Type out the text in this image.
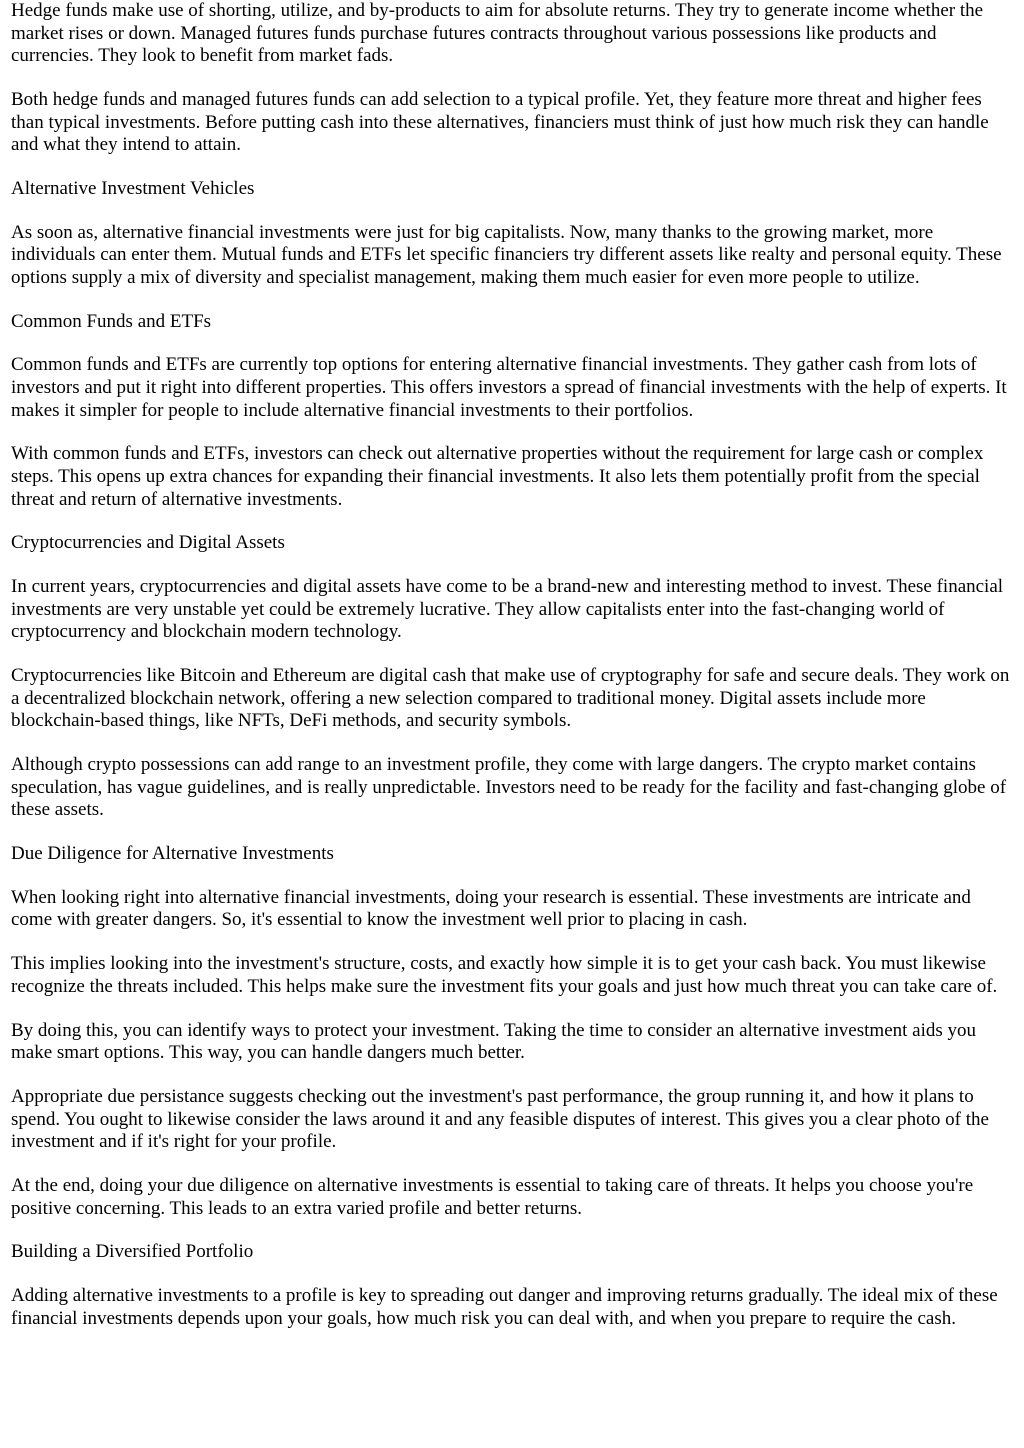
Hedge funds make use of shorting, utilize, and by-products to aim for absolute returns. They try to generate income whether the market rises or down. Managed futures funds purchase futures contracts throughout various possessions like products and currencies. They look to benefit from market fads.

Both hedge funds and managed futures funds can add selection to a typical profile. Yet, they feature more threat and higher fees than typical investments. Before putting cash into these alternatives, financiers must think of just how much risk they can handle and what they intend to attain.

Alternative Investment Vehicles

As soon as, alternative financial investments were just for big capitalists. Now, many thanks to the growing market, more individuals can enter them. Mutual funds and ETFs let specific financiers try different assets like realty and personal equity. These options supply a mix of diversity and specialist management, making them much easier for even more people to utilize.

Common Funds and ETFs

Common funds and ETFs are currently top options for entering alternative financial investments. They gather cash from lots of investors and put it right into different properties. This offers investors a spread of financial investments with the help of experts. It makes it simpler for people to include alternative financial investments to their portfolios.

With common funds and ETFs, investors can check out alternative properties without the requirement for large cash or complex steps. This opens up extra chances for expanding their financial investments. It also lets them potentially profit from the special threat and return of alternative investments.

Cryptocurrencies and Digital Assets

In current years, cryptocurrencies and digital assets have come to be a brand-new and interesting method to invest. These financial investments are very unstable yet could be extremely lucrative. They allow capitalists enter into the fast-changing world of cryptocurrency and blockchain modern technology.

Cryptocurrencies like Bitcoin and Ethereum are digital cash that make use of cryptography for safe and secure deals. They work on a decentralized blockchain network, offering a new selection compared to traditional money. Digital assets include more blockchain-based things, like NFTs, DeFi methods, and security symbols.

Although crypto possessions can add range to an investment profile, they come with large dangers. The crypto market contains speculation, has vague guidelines, and is really unpredictable. Investors need to be ready for the facility and fast-changing globe of these assets.

Due Diligence for Alternative Investments

When looking right into alternative financial investments, doing your research is essential. These investments are intricate and come with greater dangers. So, it's essential to know the investment well prior to placing in cash.

This implies looking into the investment's structure, costs, and exactly how simple it is to get your cash back. You must likewise recognize the threats included. This helps make sure the investment fits your goals and just how much threat you can take care of.

By doing this, you can identify ways to protect your investment. Taking the time to consider an alternative investment aids you make smart options. This way, you can handle dangers much better.

Appropriate due persistance suggests checking out the investment's past performance, the group running it, and how it plans to spend. You ought to likewise consider the laws around it and any feasible disputes of interest. This gives you a clear photo of the investment and if it's right for your profile.

At the end, doing your due diligence on alternative investments is essential to taking care of threats. It helps you choose you're positive concerning. This leads to an extra varied profile and better returns.

Building a Diversified Portfolio

Adding alternative investments to a profile is key to spreading out danger and improving returns gradually. The ideal mix of these financial investments depends upon your goals, how much risk you can deal with, and when you prepare to require the cash.
